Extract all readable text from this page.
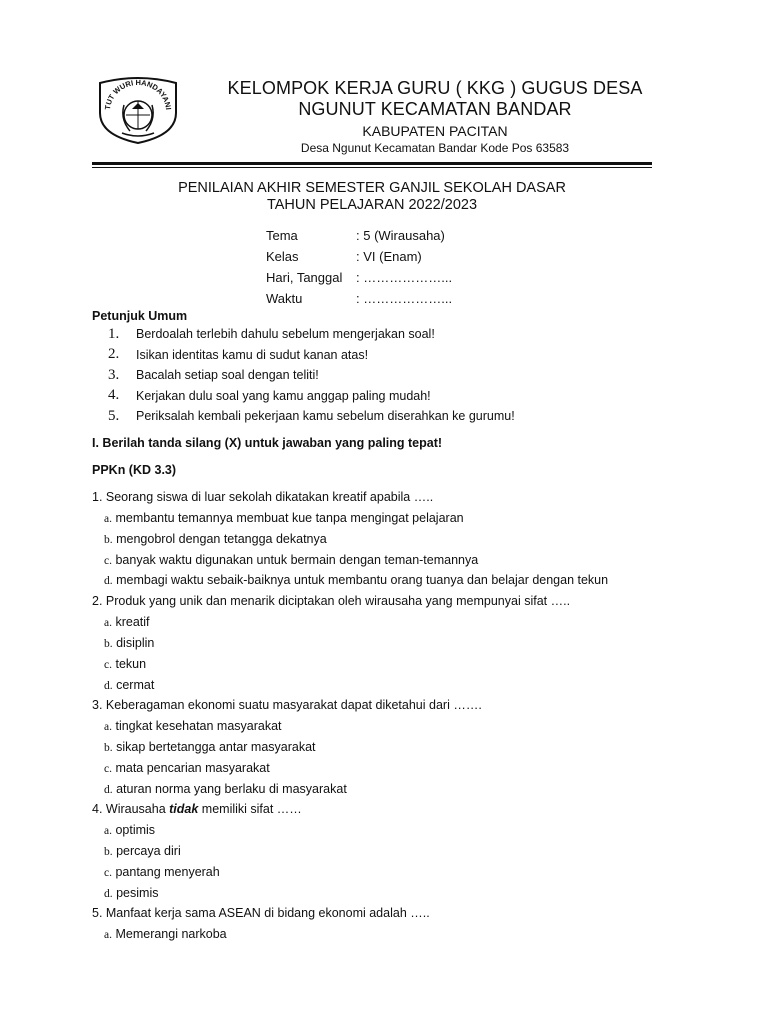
TUT WURI HANDAYANI
KELOMPOK KERJA GURU ( KKG ) GUGUS DESA
NGUNUT KECAMATAN BANDAR
KABUPATEN PACITAN
Desa Ngunut Kecamatan Bandar Kode Pos 63583
PENILAIAN AKHIR SEMESTER GANJIL SEKOLAH DASAR
TAHUN PELAJARAN 2022/2023
Tema	: 5 (Wirausaha)
Kelas	: VI (Enam)
Hari, Tanggal	: ………………...
Waktu	: ………………...
Petunjuk Umum
1.	Berdoalah terlebih dahulu sebelum mengerjakan soal!
2.	Isikan identitas kamu di sudut kanan atas!
3.	Bacalah setiap soal dengan teliti!
4.	Kerjakan dulu soal yang kamu anggap paling mudah!
5.	Periksalah kembali pekerjaan kamu sebelum diserahkan ke gurumu!
I. Berilah tanda silang (X) untuk jawaban yang paling tepat!
PPKn (KD 3.3)
1. Seorang siswa di luar sekolah dikatakan kreatif apabila …..
a. membantu temannya membuat kue tanpa mengingat pelajaran
b. mengobrol dengan tetangga dekatnya
c. banyak waktu digunakan untuk bermain dengan teman-temannya
d. membagi waktu sebaik-baiknya untuk membantu orang tuanya dan belajar dengan tekun
2. Produk yang unik dan menarik diciptakan oleh wirausaha yang mempunyai sifat …..
a. kreatif
b. disiplin
c. tekun
d. cermat
3. Keberagaman ekonomi suatu masyarakat dapat diketahui dari …….
a. tingkat kesehatan masyarakat
b. sikap bertetangga antar masyarakat
c. mata pencarian masyarakat
d. aturan norma yang berlaku di masyarakat
4. Wirausaha tidak memiliki sifat ……
a. optimis
b. percaya diri
c. pantang menyerah
d. pesimis
5. Manfaat kerja sama ASEAN di bidang ekonomi adalah …..
a. Memerangi narkoba
